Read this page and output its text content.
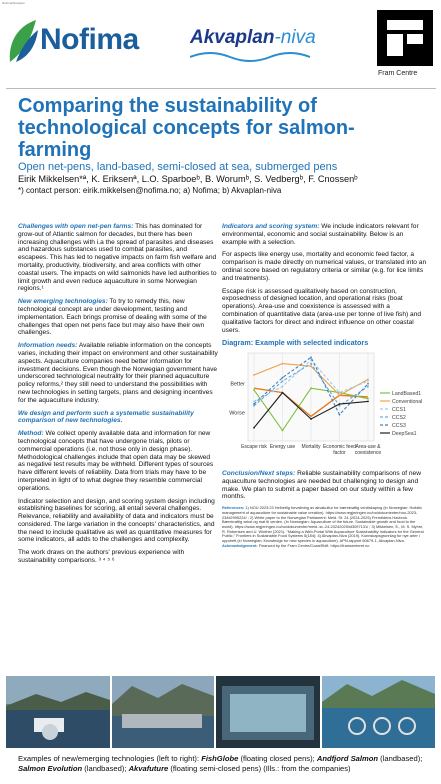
Nofima/Akvaplan
Nofima	Akvaplan-niva
Fram Centre
Comparing the sustainability of technological concepts for salmon-farming
Open net-pens, land-based, semi-closed at sea, submerged pens
Eirik Mikkelsen*ª, K. Eriksenª, L.O. Sparboeᵇ, B. Worumᵇ, S. Vedbergᵇ, F. Cnossenᵇ
*) contact person: eirik.mikkelsen@nofima.no; a) Nofima; b) Akvaplan-niva

Challenges with open net-pen farms: This has dominated for grow-out of Atlantic salmon for decades, but there has been increasing challenges with i.a the spread of parasites and diseases and hazardous substances used to combat parasites, and escapees. This has led to negative impacts on farm fish welfare and mortality, productivity, biodiversity, and area conflicts with other coastal users. The impacts on wild salmonids have led authorities to limit growth and even reduce aquaculture in some Norwegian regions.¹

New emerging technologies: To try to remedy this, new technological concept are under development, testing and implementation. Each brings promise of dealing with some of the challenges that open net pens face but may also have their own challenges.

Information needs: Available reliable information on the concepts varies, including their impact on environment and other sustainability aspects. Aquaculture companies need better information for investment decisions. Even though the Norwegian government have underscored technological neutrality for their planned aquaculture policy reforms,² they still need to understand the possibilities with new technologies in setting targets, plans and designing incentives for the aquaculture industry.

We design and perform such a systematic sustainability comparison of new technologies.

Method: We collect openly available data and information for new technological concepts that have undergone trials, pilots or commercial operations (i.e. not those only in design phase). Methodological challenges include that open data may be skewed as negative test results may be withheld. Different types of sources have different levels of reliability. Data from trials may have to be interpreted in light of to what degree they resemble commercial operations.

Indicator selection and design, and scoring system design including establishing baselines for scoring, all entail several challenges. Relevance, reliability and availability of data and indicators must be considered. The large variation in the concepts' characteristics, and the need to include qualitative as well as quantitative measures for some indicators, all adds to the challenges and complexity.

The work draws on the authors' previous experience with sustainability comparisons. ³ ⁴ ⁵ ⁶

Indicators and scoring system: We include indicators relevant for environmental, economic and social sustainability. Below is an example with a selection.

For aspects like energy use, mortality and economic feed factor, a comparison is made directly on numerical values, or translated into an ordinal score based on regulatory criteria or similar (e.g. for lice limits and treatments).

Escape risk is assessed qualitatively based on construction, exposedness of designed location, and operational risks (boat operations). Area-use and coexistence is assessed with a combination of quantitative data (area-use per tonne of live fish) and qualitative factors for direct and indirect influence on other coastal users.

Diagram: Example with selected indicators
Escape risk Energy use Mortality Economic feed
factor
Area-use &
coexistence
Better
Worse
LandBased1
Conventional
CCS1
CCS2
CCS3
DeepSea1

Conclusion/Next steps: Reliable sustainability comparisons of new aquaculture technologies are needed but challenging to design and make. We plan to submit a paper based on our study within a few months.

References: 1) NOU 2023:23 Helhetlig forvaltning av akvakultur for bærekraftig verdiskaping (in Norwegian: Holistic management of aquaculture for sustainable value creation). https://www.regjeringen.no/no/dokumenter/nou-2023-23/id2995224/ ; 2) White paper to the Norwegian Parliament: Meld. St. 24 (2024-2025) Fremtidens Havbruk. Bærekraftig vekst og mat til verden. (In Norwegian: Aquaculture of the future. Sustainable growth and food to the world). https://www.regjeringen.no/no/dokumenter/meld.-st.-24-20242025/id3097131/ ; 3) Mikkelsen, E., M. S. Myhre, R. Robertsen and U. Winther (2021). "Making a Web-Portal With Aquaculture Sustainability Indicators for the General Public." Frontiers in Sustainable Food Systems 5(184); 4) Akvaplan-Niva (2019). Kunnskapsgrunnlag for nye arter i oppdrett (in Norwegian: Knowledge for new species in aquaculture). APN-rapport 60679-1, Akvaplan-Niva.
Acknowledgement: Financed by the Fram Centre/CoastShift. https://framsenteret.no
Examples of new/emerging technologies (left to right): FishGlobe (floating closed pens); Andfjord Salmon (landbased); Salmon Evolution (landbased); Akvafuture (floating semi-closed pens) (Ills.: from the companies)
